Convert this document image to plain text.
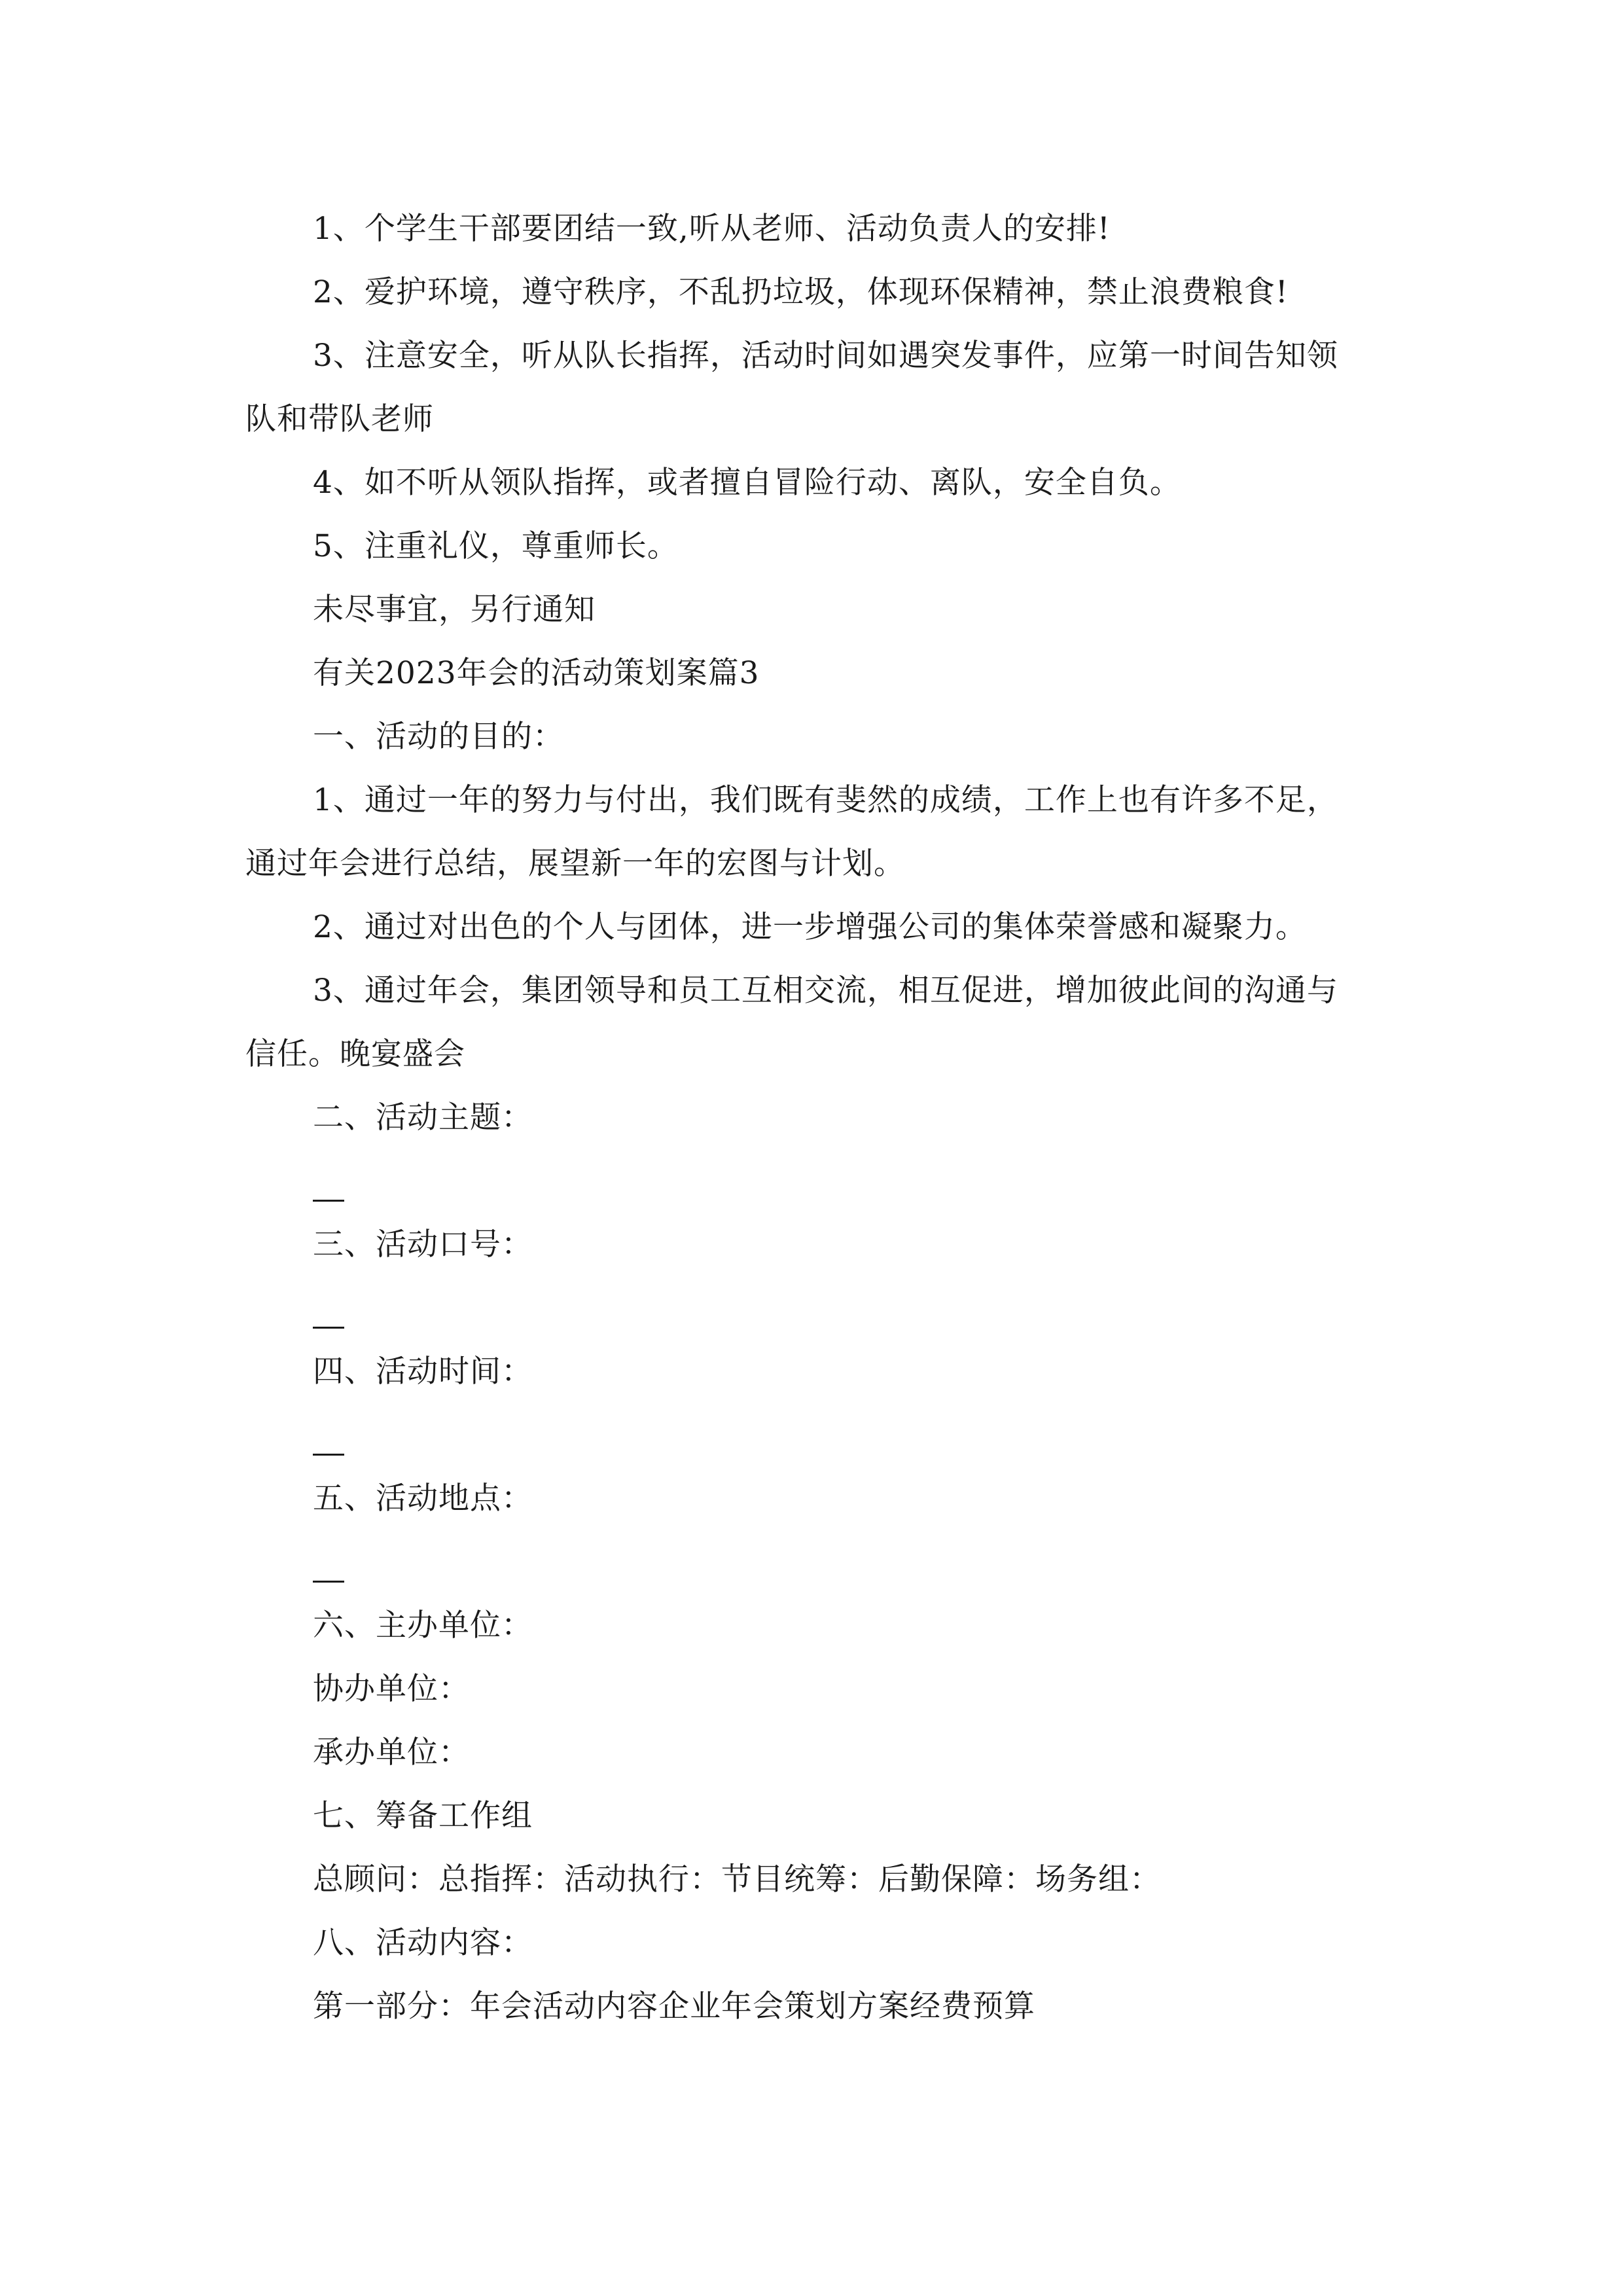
1、个学生干部要团结一致,听从老师、活动负责人的安排!
2、爱护环境，遵守秩序，不乱扔垃圾，体现环保精神，禁止浪费粮食!
3、注意安全，听从队长指挥，活动时间如遇突发事件，应第一时间告知领
队和带队老师
4、如不听从领队指挥，或者擅自冒险行动、离队，安全自负。
5、注重礼仪，尊重师长。
未尽事宜，另行通知
有关2023年会的活动策划案篇3
一、活动的目的：
1、通过一年的努力与付出，我们既有斐然的成绩，工作上也有许多不足，
通过年会进行总结，展望新一年的宏图与计划。
2、通过对出色的个人与团体，进一步增强公司的集体荣誉感和凝聚力。
3、通过年会，集团领导和员工互相交流，相互促进，增加彼此间的沟通与
信任。晚宴盛会
二、活动主题：
三、活动口号：
四、活动时间：
五、活动地点：
六、主办单位：
协办单位：
承办单位：
七、筹备工作组
总顾问：总指挥：活动执行：节目统筹：后勤保障：场务组：
八、活动内容：
第一部分：年会活动内容企业年会策划方案经费预算
